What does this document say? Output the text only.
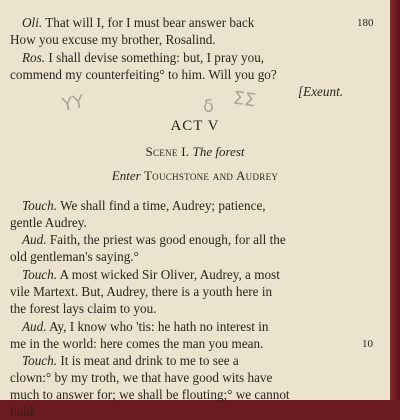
Oli. That will I, for I must bear answer back	180
How you excuse my brother, Rosalind.
Ros. I shall devise something: but, I pray you,
commend my counterfeiting° to him. Will you go?
[Exeunt.
ΥΥ	δ ΣΣ
ACT V
Scene I. The forest
Enter Touchstone and Audrey
Touch. We shall find a time, Audrey; patience,
gentle Audrey.
Aud. Faith, the priest was good enough, for all the
old gentleman's saying.°
Touch. A most wicked Sir Oliver, Audrey, a most
vile Martext. But, Audrey, there is a youth here in
the forest lays claim to you.
Aud. Ay, I know who 'tis: he hath no interest in
me in the world: here comes the man you mean.	10
Touch. It is meat and drink to me to see a
clown:° by my troth, we that have good wits have
much to answer for; we shall be flouting;° we cannot
hold.
